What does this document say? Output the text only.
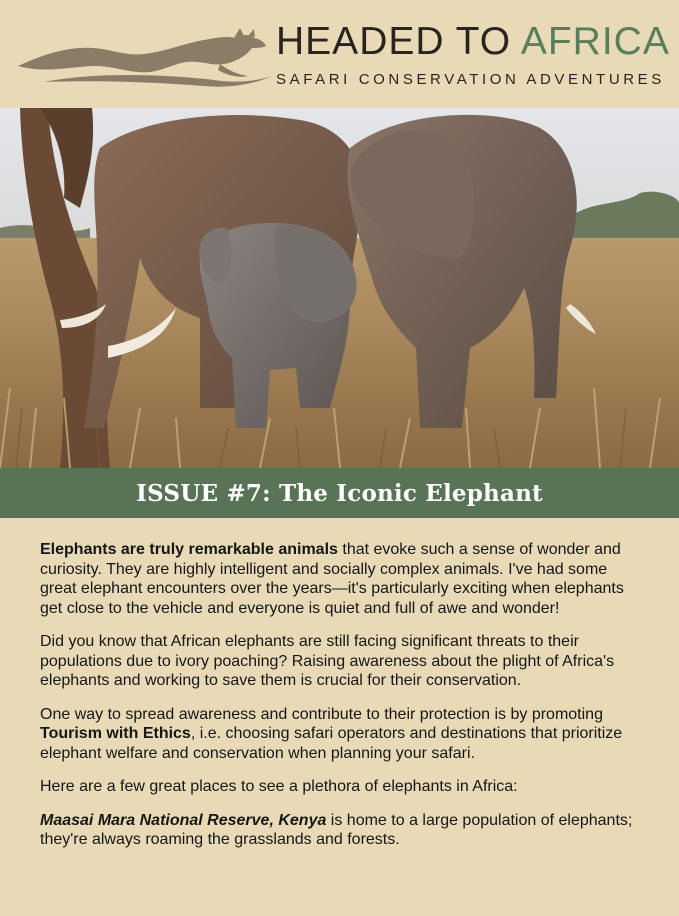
HEADED TO AFRICA
SAFARI CONSERVATION ADVENTURES
ISSUE #7: The Iconic Elephant

Elephants are truly remarkable animals that evoke such a sense of wonder and curiosity. They are highly intelligent and socially complex animals. I've had some great elephant encounters over the years—it's particularly exciting when elephants get close to the vehicle and everyone is quiet and full of awe and wonder!

Did you know that African elephants are still facing significant threats to their populations due to ivory poaching? Raising awareness about the plight of Africa's elephants and working to save them is crucial for their conservation.

One way to spread awareness and contribute to their protection is by promoting Tourism with Ethics, i.e. choosing safari operators and destinations that prioritize elephant welfare and conservation when planning your safari.

Here are a few great places to see a plethora of elephants in Africa:

Maasai Mara National Reserve, Kenya is home to a large population of elephants; they're always roaming the grasslands and forests.
